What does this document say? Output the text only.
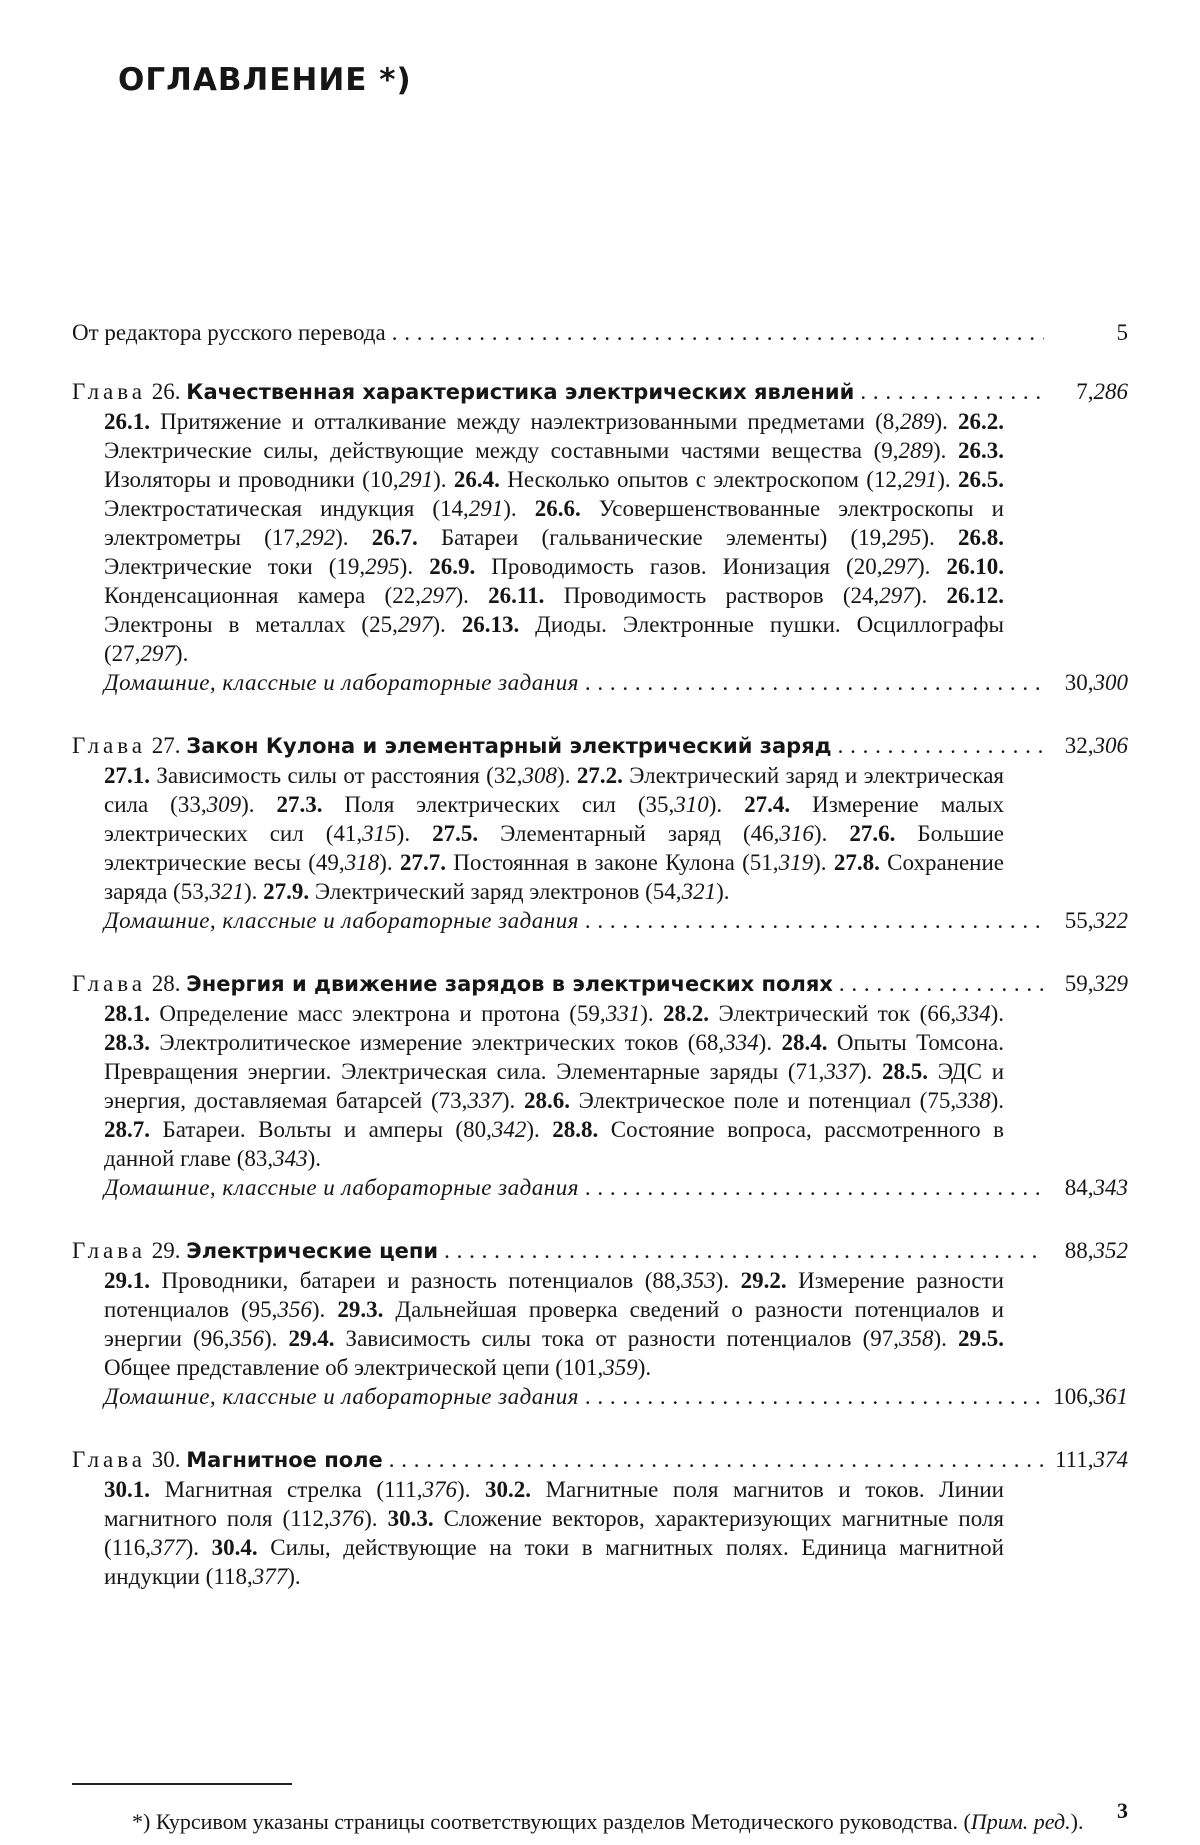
ОГЛАВЛЕНИЕ *)
От редактора русского перевода . . .	5
Глава 26. Качественная характеристика электрических явлений . . .	7,286
26.1. Притяжение и отталкивание между наэлектризованными предметами (8,289). 26.2. Электрические силы, действующие между составными частями вещества (9,289). 26.3. Изоляторы и проводники (10,291). 26.4. Несколько опытов с электроскопом (12,291). 26.5. Электростатическая индукция (14,291). 26.6. Усовершенствованные электроскопы и электрометры (17,292). 26.7. Батареи (гальванические элементы) (19,295). 26.8. Электрические токи (19,295). 26.9. Проводимость газов. Ионизация (20,297). 26.10. Конденсационная камера (22,297). 26.11. Проводимость растворов (24,297). 26.12. Электроны в металлах (25,297). 26.13. Диоды. Электронные пушки. Осциллографы (27,297).
Домашние, классные и лабораторные задания . . .	30,300
Глава 27. Закон Кулона и элементарный электрический заряд . . .	32,306
27.1. Зависимость силы от расстояния (32,308). 27.2. Электрический заряд и электрическая сила (33,309). 27.3. Поля электрических сил (35,310). 27.4. Измерение малых электрических сил (41,315). 27.5. Элементарный заряд (46,316). 27.6. Большие электрические весы (49,318). 27.7. Постоянная в законе Кулона (51,319). 27.8. Сохранение заряда (53,321). 27.9. Электрический заряд электронов (54,321).
Домашние, классные и лабораторные задания . . .	55,322
Глава 28. Энергия и движение зарядов в электрических полях . . .	59,329
28.1. Определение масс электрона и протона (59,331). 28.2. Электрический ток (66,334). 28.3. Электролитическое измерение электрических токов (68,334). 28.4. Опыты Томсона. Превращения энергии. Электрическая сила. Элементарные заряды (71,337). 28.5. ЭДС и энергия, доставляемая батарсей (73,337). 28.6. Электрическое поле и потенциал (75,338). 28.7. Батареи. Вольты и амперы (80,342). 28.8. Состояние вопроса, рассмотренного в данной главе (83,343).
Домашние, классные и лабораторные задания . . .	84,343
Глава 29. Электрические цепи . . .	88,352
29.1. Проводники, батареи и разность потенциалов (88,353). 29.2. Измерение разности потенциалов (95,356). 29.3. Дальнейшая проверка сведений о разности потенциалов и энергии (96,356). 29.4. Зависимость силы тока от разности потенциалов (97,358). 29.5. Общее представление об электрической цепи (101,359).
Домашние, классные и лабораторные задания . . .	106,361
Глава 30. Магнитное поле . . .	111,374
30.1. Магнитная стрелка (111,376). 30.2. Магнитные поля магнитов и токов. Линии магнитного поля (112,376). 30.3. Сложение векторов, характеризующих магнитные поля (116,377). 30.4. Силы, действующие на токи в магнитных полях. Единица магнитной индукции (118,377).

*) Курсивом указаны страницы соответствующих разделов Методического руководства. (Прим. ред.).	3
